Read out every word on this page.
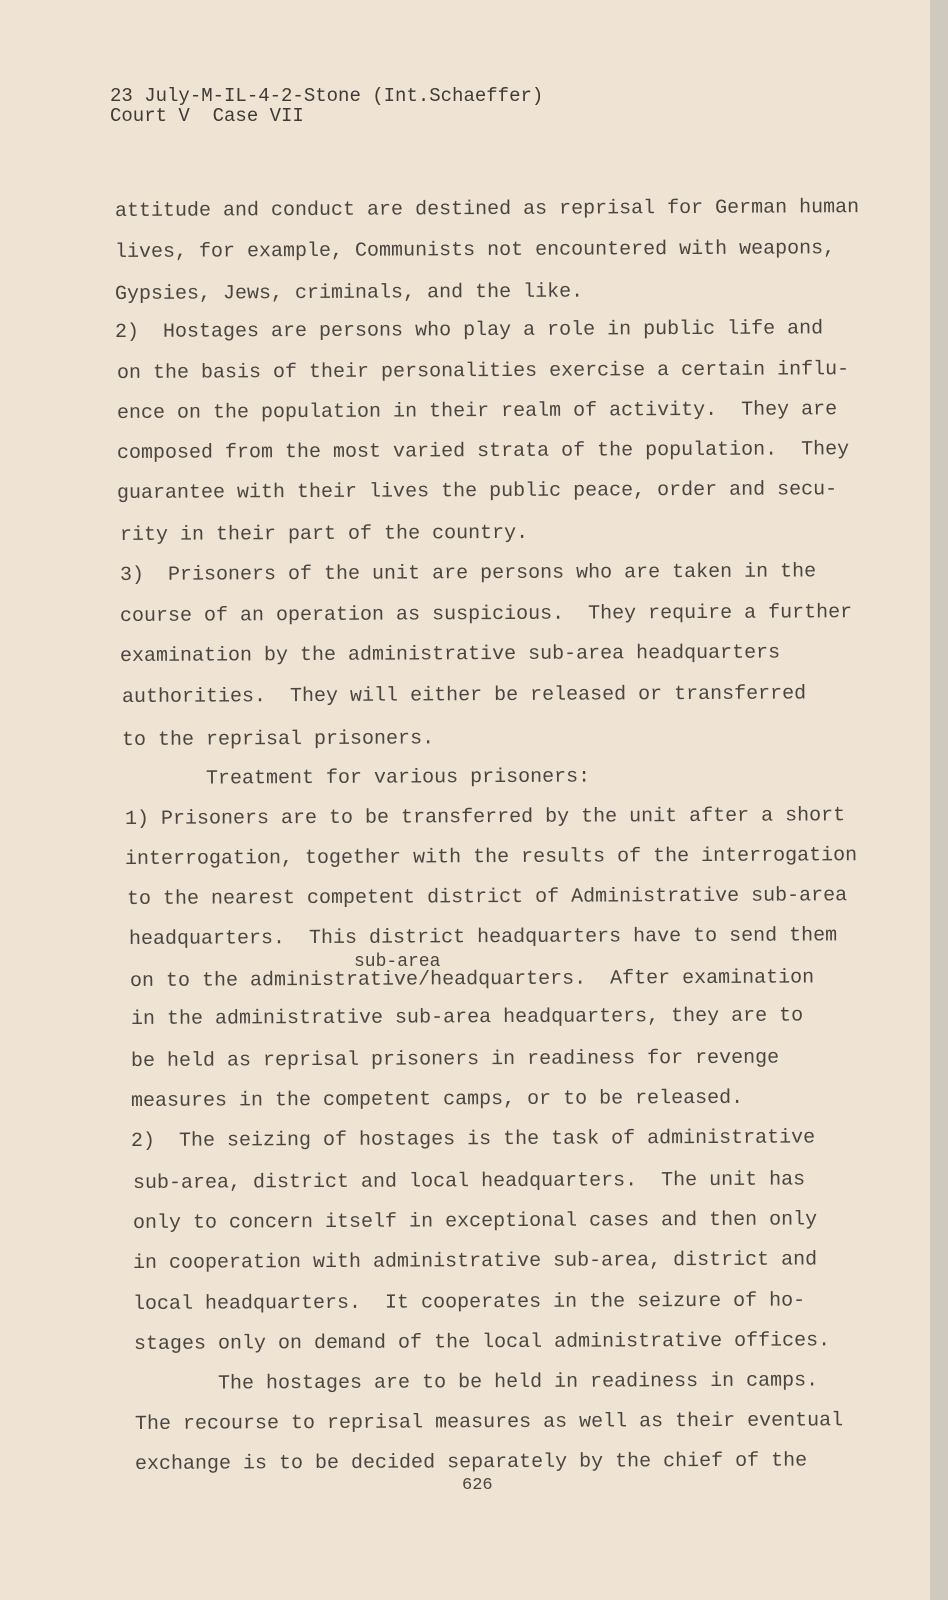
23 July-M-IL-4-2-Stone (Int.Schaeffer)
Court V  Case VII
attitude and conduct are destined as reprisal for German human
lives, for example, Communists not encountered with weapons,
Gypsies, Jews, criminals, and the like.
2)  Hostages are persons who play a role in public life and
on the basis of their personalities exercise a certain influ-
ence on the population in their realm of activity.  They are
composed from the most varied strata of the population.  They
guarantee with their lives the public peace, order and secu-
rity in their part of the country.
3)  Prisoners of the unit are persons who are taken in the
course of an operation as suspicious.  They require a further
examination by the administrative sub-area headquarters
authorities.  They will either be released or transferred
to the reprisal prisoners.
Treatment for various prisoners:
1) Prisoners are to be transferred by the unit after a short
interrogation, together with the results of the interrogation
to the nearest competent district of Administrative sub-area
headquarters.  This district headquarters have to send them
on to the administrative/headquarters.  After examination
in the administrative sub-area headquarters, they are to
be held as reprisal prisoners in readiness for revenge
measures in the competent camps, or to be released.
2)  The seizing of hostages is the task of administrative
sub-area, district and local headquarters.  The unit has
only to concern itself in exceptional cases and then only
in cooperation with administrative sub-area, district and
local headquarters.  It cooperates in the seizure of ho-
stages only on demand of the local administrative offices.
The hostages are to be held in readiness in camps.
The recourse to reprisal measures as well as their eventual
exchange is to be decided separately by the chief of the
sub-area
626
